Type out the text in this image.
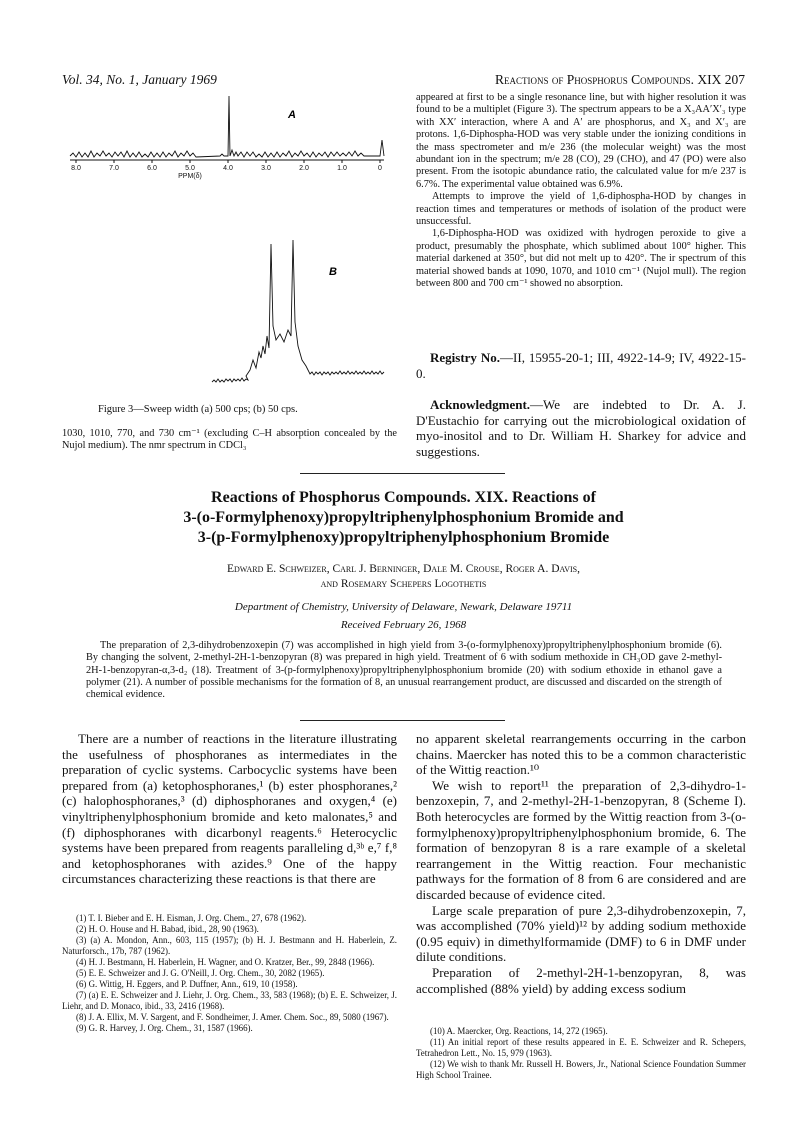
Vol. 34, No. 1, January 1969	Reactions of Phosphorus Compounds. XIX 207
8.0	7.0	6.0	5.0	4.0	3.0	2.0	1.0	0
PPM(δ)
A
B
Figure 3—Sweep width (a) 500 cps; (b) 50 cps.
1030, 1010, 770, and 730 cm⁻¹ (excluding C–H absorption concealed by the Nujol medium). The nmr spectrum in CDCl₃

appeared at first to be a single resonance line, but with higher resolution it was found to be a multiplet (Figure 3). The spectrum appears to be a X₃AA′X′₃ type with XX′ interaction, where A and A′ are phosphorus, and X₃ and X′₃ are protons. 1,6-Diphospha-HOD was very stable under the ionizing conditions in the mass spectrometer and m/e 236 (the molecular weight) was the most abundant ion in the spectrum; m/e 28 (CO), 29 (CHO), and 47 (PO) were also present. From the isotopic abundance ratio, the calculated value for m/e 237 is 6.7%. The experimental value obtained was 6.9%.

Attempts to improve the yield of 1,6-diphospha-HOD by changes in reaction times and temperatures or methods of isolation of the product were unsuccessful.

1,6-Diphospha-HOD was oxidized with hydrogen peroxide to give a product, presumably the phosphate, which sublimed about 100° higher. This material darkened at 350°, but did not melt up to 420°. The ir spectrum of this material showed bands at 1090, 1070, and 1010 cm⁻¹ (Nujol mull). The region between 800 and 700 cm⁻¹ showed no absorption.

Registry No.—II, 15955-20-1; III, 4922-14-9; IV, 4922-15-0.
Acknowledgment.—We are indebted to Dr. A. J. D'Eustachio for carrying out the microbiological oxidation of myo-inositol and to Dr. William H. Sharkey for advice and suggestions.
Reactions of Phosphorus Compounds. XIX. Reactions of
3-(o-Formylphenoxy)propyltriphenylphosphonium Bromide and
3-(p-Formylphenoxy)propyltriphenylphosphonium Bromide
Edward E. Schweizer, Carl J. Berninger, Dale M. Crouse, Roger A. Davis,
and Rosemary Schepers Logothetis
Department of Chemistry, University of Delaware, Newark, Delaware 19711
Received February 26, 1968
The preparation of 2,3-dihydrobenzoxepin (7) was accomplished in high yield from 3-(o-formylphenoxy)propyltriphenylphosphonium bromide (6). By changing the solvent, 2-methyl-2H-1-benzopyran (8) was prepared in high yield. Treatment of 6 with sodium methoxide in CH₃OD gave 2-methyl-2H-1-benzopyran-α,3-d₂ (18). Treatment of 3-(p-formylphenoxy)propyltriphenylphosphonium bromide (20) with sodium ethoxide in ethanol gave a polymer (21). A number of possible mechanisms for the formation of 8, an unusual rearrangement product, are discussed and discarded on the strength of chemical evidence.
There are a number of reactions in the literature illustrating the usefulness of phosphoranes as intermediates in the preparation of cyclic systems. Carbocyclic systems have been prepared from (a) ketophosphoranes,¹ (b) ester phosphoranes,² (c) halophosphoranes,³ (d) diphosphoranes and oxygen,⁴ (e) vinyltriphenylphosphonium bromide and keto malonates,⁵ and (f) diphosphoranes with dicarbonyl reagents.⁶ Heterocyclic systems have been prepared from reagents paralleling d,³ᵇ e,⁷ f,⁸ and ketophosphoranes with azides.⁹ One of the happy circumstances characterizing these reactions is that there are
(1) T. I. Bieber and E. H. Eisman, J. Org. Chem., 27, 678 (1962).
(2) H. O. House and H. Babad, ibid., 28, 90 (1963).
(3) (a) A. Mondon, Ann., 603, 115 (1957); (b) H. J. Bestmann and H. Haberlein, Z. Naturforsch., 17b, 787 (1962).
(4) H. J. Bestmann, H. Haberlein, H. Wagner, and O. Kratzer, Ber., 99, 2848 (1966).
(5) E. E. Schweizer and J. G. O'Neill, J. Org. Chem., 30, 2082 (1965).
(6) G. Wittig, H. Eggers, and P. Duffner, Ann., 619, 10 (1958).
(7) (a) E. E. Schweizer and J. Liehr, J. Org. Chem., 33, 583 (1968); (b) E. E. Schweizer, J. Liehr, and D. Monaco, ibid., 33, 2416 (1968).
(8) J. A. Ellix, M. V. Sargent, and F. Sondheimer, J. Amer. Chem. Soc., 89, 5080 (1967).
(9) G. R. Harvey, J. Org. Chem., 31, 1587 (1966).

no apparent skeletal rearrangements occurring in the carbon chains. Maercker has noted this to be a common characteristic of the Wittig reaction.¹⁰

We wish to report¹¹ the preparation of 2,3-dihydro-1-benzoxepin, 7, and 2-methyl-2H-1-benzopyran, 8 (Scheme I). Both heterocycles are formed by the Wittig reaction from 3-(o-formylphenoxy)propyltriphenylphosphonium bromide, 6. The formation of benzopyran 8 is a rare example of a skeletal rearrangement in the Wittig reaction. Four mechanistic pathways for the formation of 8 from 6 are considered and are discarded because of evidence cited.

Large scale preparation of pure 2,3-dihydrobenzoxepin, 7, was accomplished (70% yield)¹² by adding sodium methoxide (0.95 equiv) in dimethylformamide (DMF) to 6 in DMF under dilute conditions.

Preparation of 2-methyl-2H-1-benzopyran, 8, was accomplished (88% yield) by adding excess sodium

(10) A. Maercker, Org. Reactions, 14, 272 (1965).
(11) An initial report of these results appeared in E. E. Schweizer and R. Schepers, Tetrahedron Lett., No. 15, 979 (1963).
(12) We wish to thank Mr. Russell H. Bowers, Jr., National Science Foundation Summer High School Trainee.
